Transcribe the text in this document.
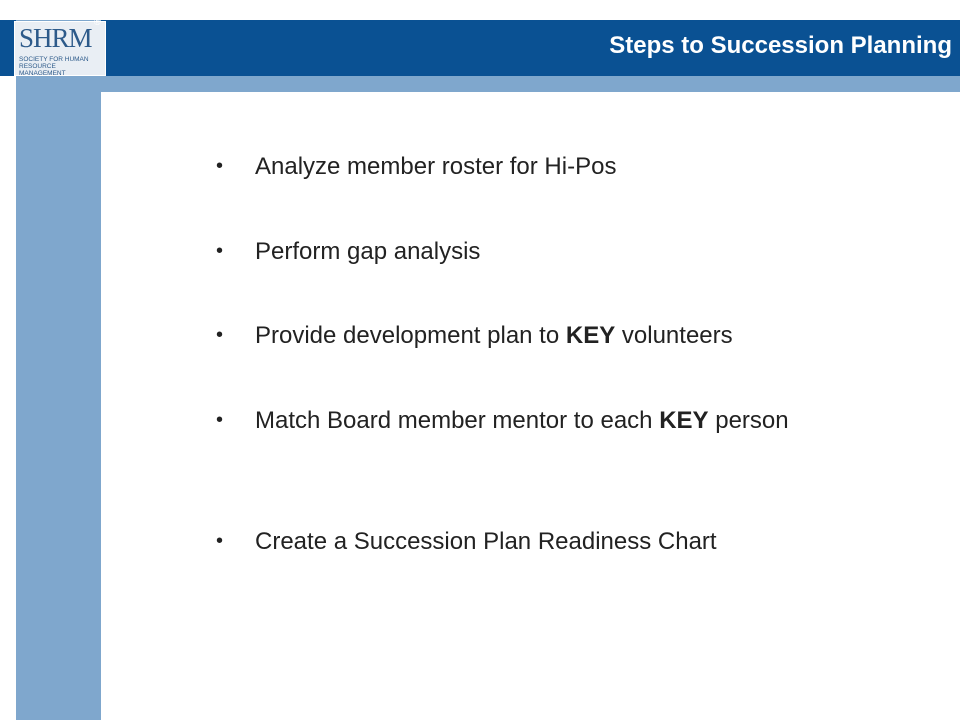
SHRM
SOCIETY FOR HUMAN RESOURCE MANAGEMENT
®
Steps to Succession Planning
•	Analyze member roster for Hi-Pos
•	Perform gap analysis
•	Provide development plan to KEY volunteers
•	Match Board member mentor to each KEY person
•	Create a Succession Plan Readiness Chart
